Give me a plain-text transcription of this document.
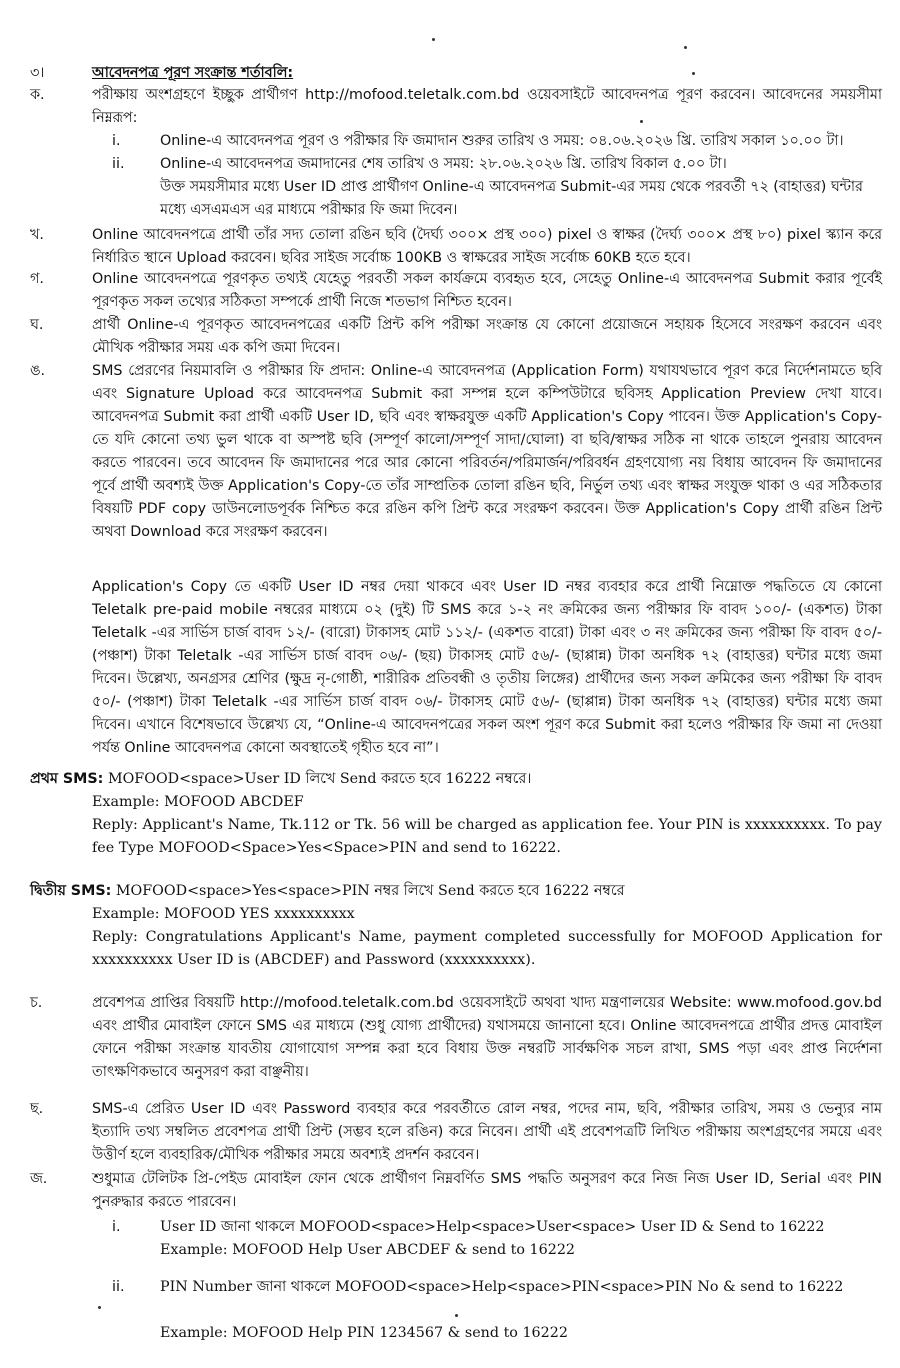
৩।	আবেদনপত্র পূরণ সংক্রান্ত শর্তাবলি:
ক.	পরীক্ষায় অংশগ্রহণে ইচ্ছুক প্রার্থীগণ http://mofood.teletalk.com.bd ওয়েবসাইটে আবেদনপত্র পূরণ করবেন। আবেদনের সময়সীমা নিম্নরূপ:
i.	Online-এ আবেদনপত্র পূরণ ও পরীক্ষার ফি জমাদান শুরুর তারিখ ও সময়: ০৪.০৬.২০২৬ খ্রি. তারিখ সকাল ১০.০০ টা।
ii. Online-এ আবেদনপত্র জমাদানের শেষ তারিখ ও সময়: ২৮.০৬.২০২৬ খ্রি. তারিখ বিকাল ৫.০০ টা।
উক্ত সময়সীমার মধ্যে User ID প্রাপ্ত প্রার্থীগণ Online-এ আবেদনপত্র Submit-এর সময় থেকে পরবর্তী ৭২ (বাহাত্তর) ঘন্টার মধ্যে এসএমএস এর মাধ্যমে পরীক্ষার ফি জমা দিবেন।
খ.	Online আবেদনপত্রে প্রার্থী তাঁর সদ্য তোলা রঙিন ছবি (দৈর্ঘ্য ৩০০× প্রস্থ ৩০০) pixel ও স্বাক্ষর (দৈর্ঘ্য ৩০০× প্রস্থ ৮০) pixel স্ক্যান করে নির্ধারিত স্থানে Upload করবেন। ছবির সাইজ সর্বোচ্চ 100KB ও স্বাক্ষরের সাইজ সর্বোচ্চ 60KB হতে হবে।
গ.	Online আবেদনপত্রে পূরণকৃত তথ্যই যেহেতু পরবর্তী সকল কার্যক্রমে ব্যবহৃত হবে, সেহেতু Online-এ আবেদনপত্র Submit করার পূর্বেই পূরণকৃত সকল তথ্যের সঠিকতা সম্পর্কে প্রার্থী নিজে শতভাগ নিশ্চিত হবেন।
ঘ.	প্রার্থী Online-এ পূরণকৃত আবেদনপত্রের একটি প্রিন্ট কপি পরীক্ষা সংক্রান্ত যে কোনো প্রয়োজনে সহায়ক হিসেবে সংরক্ষণ করবেন এবং মৌখিক পরীক্ষার সময় এক কপি জমা দিবেন।
ঙ.	SMS প্রেরণের নিয়মাবলি ও পরীক্ষার ফি প্রদান: Online-এ আবেদনপত্র (Application Form) যথাযথভাবে পূরণ করে নির্দেশনামতে ছবি এবং Signature Upload করে আবেদনপত্র Submit করা সম্পন্ন হলে কম্পিউটারে ছবিসহ Application Preview দেখা যাবে। আবেদনপত্র Submit করা প্রার্থী একটি User ID, ছবি এবং স্বাক্ষরযুক্ত একটি Application's Copy পাবেন। উক্ত Application's Copy-তে যদি কোনো তথ্য ভুল থাকে বা অস্পষ্ট ছবি (সম্পূর্ণ কালো/সম্পূর্ণ সাদা/ঘোলা) বা ছবি/স্বাক্ষর সঠিক না থাকে তাহলে পুনরায় আবেদন করতে পারবেন। তবে আবেদন ফি জমাদানের পরে আর কোনো পরিবর্তন/পরিমার্জন/পরিবর্ধন গ্রহণযোগ্য নয় বিধায় আবেদন ফি জমাদানের পূর্বে প্রার্থী অবশ্যই উক্ত Application's Copy-তে তাঁর সাম্প্রতিক তোলা রঙিন ছবি, নির্ভুল তথ্য এবং স্বাক্ষর সংযুক্ত থাকা ও এর সঠিকতার বিষয়টি PDF copy ডাউনলোডপূর্বক নিশ্চিত করে রঙিন কপি প্রিন্ট করে সংরক্ষণ করবেন। উক্ত Application's Copy প্রার্থী রঙিন প্রিন্ট অথবা Download করে সংরক্ষণ করবেন।
Application's Copy তে একটি User ID নম্বর দেয়া থাকবে এবং User ID নম্বর ব্যবহার করে প্রার্থী নিম্নোক্ত পদ্ধতিতে যে কোনো Teletalk pre-paid mobile নম্বরের মাধ্যমে ০২ (দুই) টি SMS করে ১-২ নং ক্রমিকের জন্য পরীক্ষার ফি বাবদ ১০০/- (একশত) টাকা Teletalk -এর সার্ভিস চার্জ বাবদ ১২/- (বারো) টাকাসহ মোট ১১২/- (একশত বারো) টাকা এবং ৩ নং ক্রমিকের জন্য পরীক্ষা ফি বাবদ ৫০/- (পঞ্চাশ) টাকা Teletalk -এর সার্ভিস চার্জ বাবদ ০৬/- (ছয়) টাকাসহ মোট ৫৬/- (ছাপ্পান্ন) টাকা অনধিক ৭২ (বাহাত্তর) ঘন্টার মধ্যে জমা দিবেন। উল্লেখ্য, অনগ্রসর শ্রেণির (ক্ষুদ্র নৃ-গোষ্ঠী, শারীরিক প্রতিবন্ধী ও তৃতীয় লিঙ্গের) প্রার্থীদের জন্য সকল ক্রমিকের জন্য পরীক্ষা ফি বাবদ ৫০/- (পঞ্চাশ) টাকা Teletalk -এর সার্ভিস চার্জ বাবদ ০৬/- টাকাসহ মোট ৫৬/- (ছাপ্পান্ন) টাকা অনধিক ৭২ (বাহাত্তর) ঘন্টার মধ্যে জমা দিবেন। এখানে বিশেষভাবে উল্লেখ্য যে, “Online-এ আবেদনপত্রের সকল অংশ পূরণ করে Submit করা হলেও পরীক্ষার ফি জমা না দেওয়া পর্যন্ত Online আবেদনপত্র কোনো অবস্থাতেই গৃহীত হবে না”।
প্রথম SMS: MOFOOD<space>User ID লিখে Send করতে হবে 16222 নম্বরে।
Example: MOFOOD ABCDEF
Reply: Applicant's Name, Tk.112 or Tk. 56 will be charged as application fee. Your PIN is xxxxxxxxxx. To pay fee Type MOFOOD<Space>Yes<Space>PIN and send to 16222.
দ্বিতীয় SMS: MOFOOD<space>Yes<space>PIN নম্বর লিখে Send করতে হবে 16222 নম্বরে
Example: MOFOOD YES xxxxxxxxxx
Reply: Congratulations Applicant's Name, payment completed successfully for MOFOOD Application for xxxxxxxxxx User ID is (ABCDEF) and Password (xxxxxxxxxx).
চ.	প্রবেশপত্র প্রাপ্তির বিষয়টি http://mofood.teletalk.com.bd ওয়েবসাইটে অথবা খাদ্য মন্ত্রণালয়ের Website: www.mofood.gov.bd এবং প্রার্থীর মোবাইল ফোনে SMS এর মাধ্যমে (শুধু যোগ্য প্রার্থীদের) যথাসময়ে জানানো হবে। Online আবেদনপত্রে প্রার্থীর প্রদত্ত মোবাইল ফোনে পরীক্ষা সংক্রান্ত যাবতীয় যোগাযোগ সম্পন্ন করা হবে বিধায় উক্ত নম্বরটি সার্বক্ষণিক সচল রাখা, SMS পড়া এবং প্রাপ্ত নির্দেশনা তাৎক্ষণিকভাবে অনুসরণ করা বাঞ্ছনীয়।
ছ.	SMS-এ প্রেরিত User ID এবং Password ব্যবহার করে পরবর্তীতে রোল নম্বর, পদের নাম, ছবি, পরীক্ষার তারিখ, সময় ও ভেন্যুর নাম ইত্যাদি তথ্য সম্বলিত প্রবেশপত্র প্রার্থী প্রিন্ট (সম্ভব হলে রঙিন) করে নিবেন। প্রার্থী এই প্রবেশপত্রটি লিখিত পরীক্ষায় অংশগ্রহণের সময়ে এবং উত্তীর্ণ হলে ব্যবহারিক/মৌখিক পরীক্ষার সময়ে অবশ্যই প্রদর্শন করবেন।
জ.	শুধুমাত্র টেলিটক প্রি-পেইড মোবাইল ফোন থেকে প্রার্থীগণ নিম্নবর্ণিত SMS পদ্ধতি অনুসরণ করে নিজ নিজ User ID, Serial এবং PIN পুনরুদ্ধার করতে পারবেন।
i.	User ID জানা থাকলে MOFOOD<space>Help<space>User<space> User ID & Send to 16222
Example: MOFOOD Help User ABCDEF & send to 16222
ii. PIN Number জানা থাকলে MOFOOD<space>Help<space>PIN<space>PIN No & send to 16222
Example: MOFOOD Help PIN 1234567 & send to 16222
